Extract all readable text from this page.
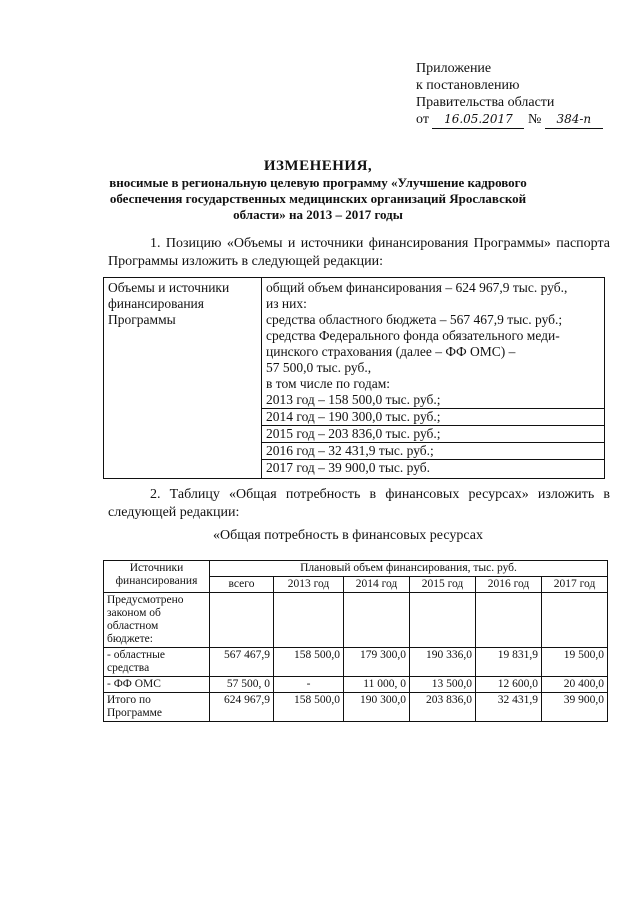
Приложение
к постановлению
Правительства области
от 16.05.2017 № 384-п
ИЗМЕНЕНИЯ,
вносимые в региональную целевую программу «Улучшение кадрового
обеспечения государственных медицинских организаций Ярославской
области» на 2013 – 2017 годы
1. Позицию «Объемы и источники финансирования Программы» паспорта Программы изложить в следующей редакции:
Объемы и источники финансирования Программы	
общий объем финансирования – 624 967,9 тыс. руб.,
из них:
средства областного бюджета – 567 467,9 тыс. руб.;
средства Федерального фонда обязательного меди-
цинского страхования (далее – ФФ ОМС) –
57 500,0 тыс. руб.,
в том числе по годам:
2013 год – 158 500,0 тыс. руб.;
2014 год – 190 300,0 тыс. руб.;
2015 год – 203 836,0 тыс. руб.;
2016 год – 32 431,9 тыс. руб.;
2017 год – 39 900,0 тыс. руб.
2. Таблицу «Общая потребность в финансовых ресурсах» изложить в следующей редакции:
«Общая потребность в финансовых ресурсах
Источники финансирования	Плановый объем финансирования, тыс. руб.					
	всего	2013 год	2014 год	2015 год	2016 год	2017 год
Предусмотрено законом об областном бюджете:						
- областные средства	567 467,9	158 500,0	179 300,0	190 336,0	19 831,9	19 500,0
- ФФ ОМС	57 500, 0	-	11 000, 0	13 500,0	12 600,0	20 400,0
Итого по Программе	624 967,9	158 500,0	190 300,0	203 836,0	32 431,9	39 900,0
